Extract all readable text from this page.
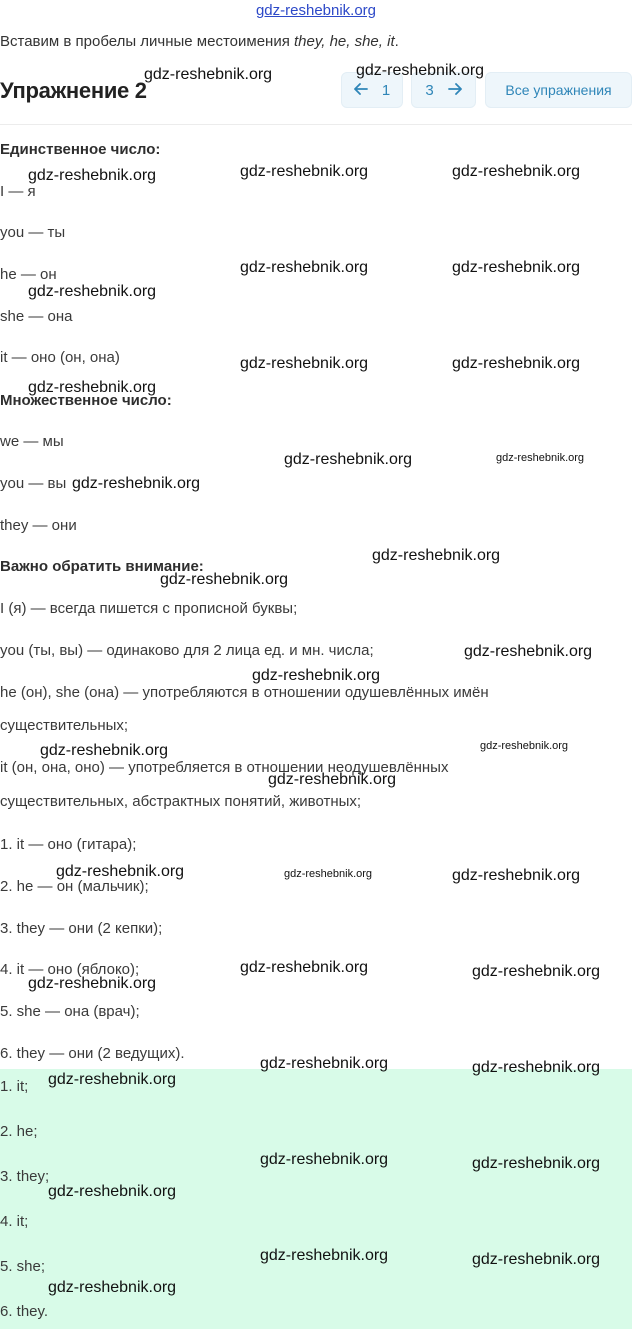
gdz-reshebnik.org
Вставим в пробелы личные местоимения they, he, she, it.
Упражнение 2	1 3	Все упражнения
Единственное число:
I — я
you — ты
he — он
she — она
it — оно (он, она)
Множественное число:
we — мы
you — вы
they — они
Важно обратить внимание:
I (я) — всегда пишется с прописной буквы;
you (ты, вы) — одинаково для 2 лица ед. и мн. числа;
he (он), she (она) — употребляются в отношении одушевлённых имён
существительных;
it (он, она, оно) — употребляется в отношении неодушевлённых
существительных, абстрактных понятий, животных;
1. it — оно (гитара);
2. he — он (мальчик);
3. they — они (2 кепки);
4. it — оно (яблоко);
5. she — она (врач);
6. they — они (2 ведущих).
1. it;
2. he;
3. they;
4. it;
5. she;
6. they.
gdz-reshebnik.org	gdz-reshebnik.org
gdz-reshebnik.org	gdz-reshebnik.org	gdz-reshebnik.org
gdz-reshebnik.org	gdz-reshebnik.org
gdz-reshebnik.org
gdz-reshebnik.org	gdz-reshebnik.org
gdz-reshebnik.org
gdz-reshebnik.org	gdz-reshebnik.org
gdz-reshebnik.org
gdz-reshebnik.org
gdz-reshebnik.org
gdz-reshebnik.org
gdz-reshebnik.org
gdz-reshebnik.org	gdz-reshebnik.org
gdz-reshebnik.org
gdz-reshebnik.org	gdz-reshebnik.org	gdz-reshebnik.org
gdz-reshebnik.org	gdz-reshebnik.org
gdz-reshebnik.org
gdz-reshebnik.org	gdz-reshebnik.org
gdz-reshebnik.org
gdz-reshebnik.org	gdz-reshebnik.org
gdz-reshebnik.org
gdz-reshebnik.org	gdz-reshebnik.org
gdz-reshebnik.org
